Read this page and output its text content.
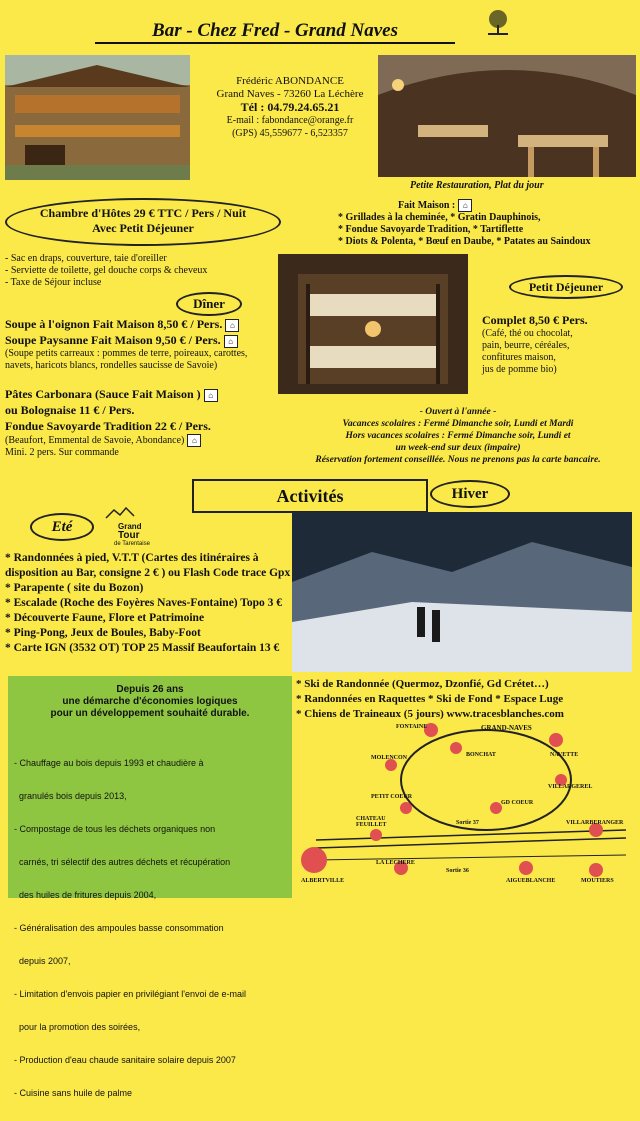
Bar - Chez Fred - Grand Naves
Frédéric ABONDANCE
Grand Naves - 73260 La Léchère
Tél : 04.79.24.65.21
E-mail : fabondance@orange.fr
(GPS) 45,559677 - 6,523357
Petite Restauration, Plat du jour
Chambre d'Hôtes 29 € TTC / Pers / Nuit
Avec Petit Déjeuner
Fait Maison : ⌂
* Grillades à la cheminée, * Gratin Dauphinois,
* Fondue Savoyarde Tradition, * Tartiflette
* Diots & Polenta, * Bœuf en Daube, * Patates au Saindoux
- Sac en draps, couverture, taie d'oreiller
- Serviette de toilette, gel douche corps & cheveux
- Taxe de Séjour incluse
Dîner
Petit Déjeuner
Soupe à l'oignon Fait Maison 8,50 € / Pers. ⌂
Soupe Paysanne Fait Maison 9,50 € / Pers. ⌂
(Soupe petits carreaux : pommes de terre, poireaux, carottes,
navets, haricots blancs, rondelles saucisse de Savoie)
Pâtes Carbonara (Sauce Fait Maison ) ⌂
ou Bolognaise 11 € / Pers.
Fondue Savoyarde Tradition 22 € / Pers.
(Beaufort, Emmental de Savoie, Abondance) ⌂
Mini. 2 pers. Sur commande
Complet 8,50 € Pers.
(Café, thé ou chocolat,
pain, beurre, céréales,
confitures maison,
jus de pomme bio)
- Ouvert à l'année -
Vacances scolaires : Fermé Dimanche soir, Lundi et Mardi
Hors vacances scolaires : Fermé Dimanche soir, Lundi et
un week-end sur deux (impaire)
Réservation fortement conseillée. Nous ne prenons pas la carte bancaire.
Activités	Hiver
Eté	Grand
Tour
de Tarentaise
* Randonnées à pied, V.T.T (Cartes des itinéraires à
disposition au Bar, consigne 2 € ) ou Flash Code trace Gpx
* Parapente ( site du Bozon)
* Escalade (Roche des Foyères Naves-Fontaine) Topo 3 €
* Découverte Faune, Flore et Patrimoine
* Ping-Pong, Jeux de Boules, Baby-Foot
* Carte IGN (3532 OT) TOP 25 Massif Beaufortain 13 €
* Ski de Randonnée (Quermoz, Dzonfié, Gd Crétet…)
* Randonnées en Raquettes * Ski de Fond * Espace Luge
* Chiens de Traineaux (5 jours) www.tracesblanches.com
Depuis 26 ans
une démarche d'économies logiques
pour un développement souhaité durable.

- Chauffage au bois depuis 1993 et chaudière à

granulés bois depuis 2013,

- Compostage de tous les déchets organiques non

carnés, tri sélectif des autres déchets et récupération

des huiles de fritures depuis 2004,

- Généralisation des ampoules basse consommation

depuis 2007,

- Limitation d'envois papier en privilégiant l'envoi de e-mail

pour la promotion des soirées,

- Production d'eau chaude sanitaire solaire depuis 2007

- Cuisine sans huile de palme

FONTAINE	GRAND-NAVES
BONCHAT	NAVETTE
MOLENCON
VILLARGEREL
PETIT COEUR
GD COEUR
CHATEAU FEUILLET	Sortie 37	VILLARBERANGER
LA LECHERE
Sortie 36
AIGUEBLANCHE	MOUTIERS
ALBERTVILLE
